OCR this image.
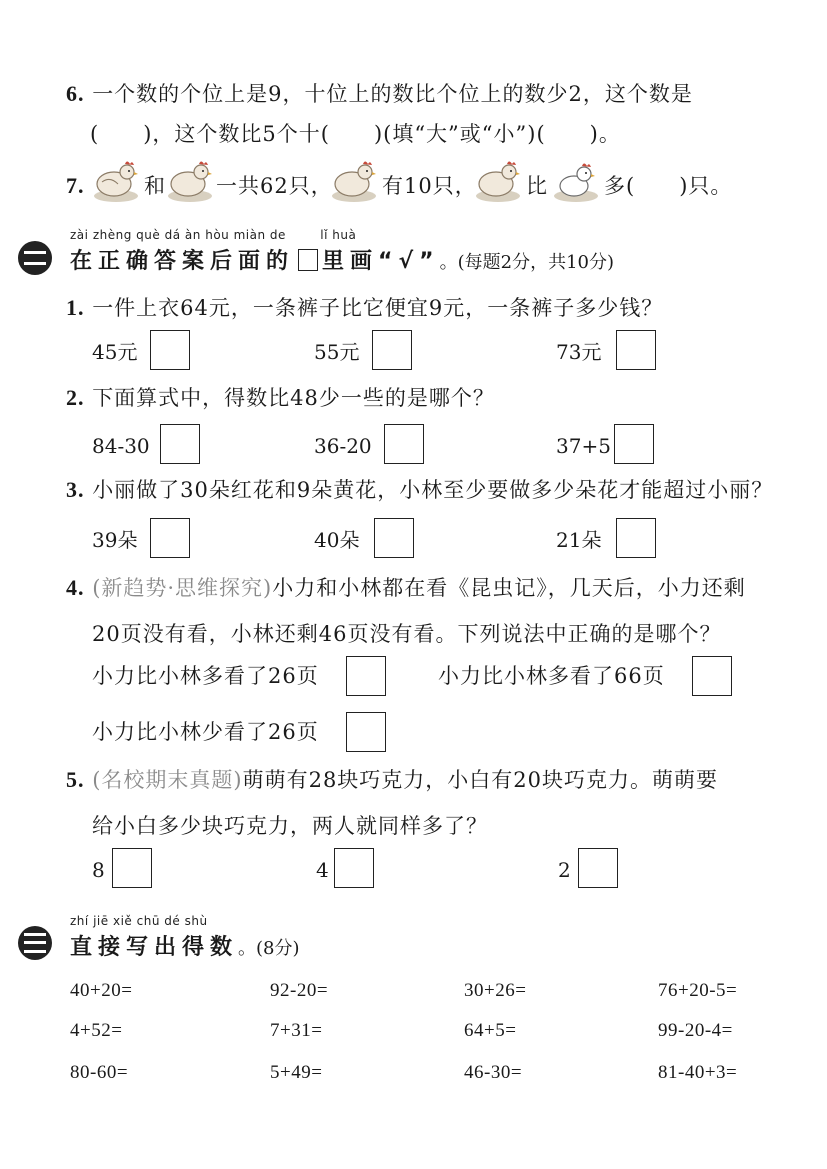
6. 一个数的个位上是9，十位上的数比个位上的数少2，这个数是
(　　)，这个数比5个十(　　)(填“大”或“小”)(　　)。
7.	和 一共62只， 有10只， 比	多(　　)只。
zài zhèng què dá àn hòu miàn de	lǐ huà
在正确答案后面的 里画“√”。(每题2分，共10分)
1. 一件上衣64元，一条裤子比它便宜9元，一条裤子多少钱？
45元	55元	73元
2. 下面算式中，得数比48少一些的是哪个？
84-30	36-20	37+5
3. 小丽做了30朵红花和9朵黄花，小林至少要做多少朵花才能超过小丽？
39朵	40朵	21朵
4. (新趋势·思维探究)小力和小林都在看《昆虫记》，几天后，小力还剩
20页没有看，小林还剩46页没有看。下列说法中正确的是哪个？
小力比小林多看了26页	小力比小林多看了66页
小力比小林少看了26页
5. (名校期末真题)萌萌有28块巧克力，小白有20块巧克力。萌萌要
给小白多少块巧克力，两人就同样多了？
8	4	2
zhí jiē xiě chū dé shù
直接写出得数。(8分)
40+20=	92-20=	30+26=	76+20-5=
4+52=	7+31=	64+5=	99-20-4=
80-60=	5+49=	46-30=	81-40+3=
